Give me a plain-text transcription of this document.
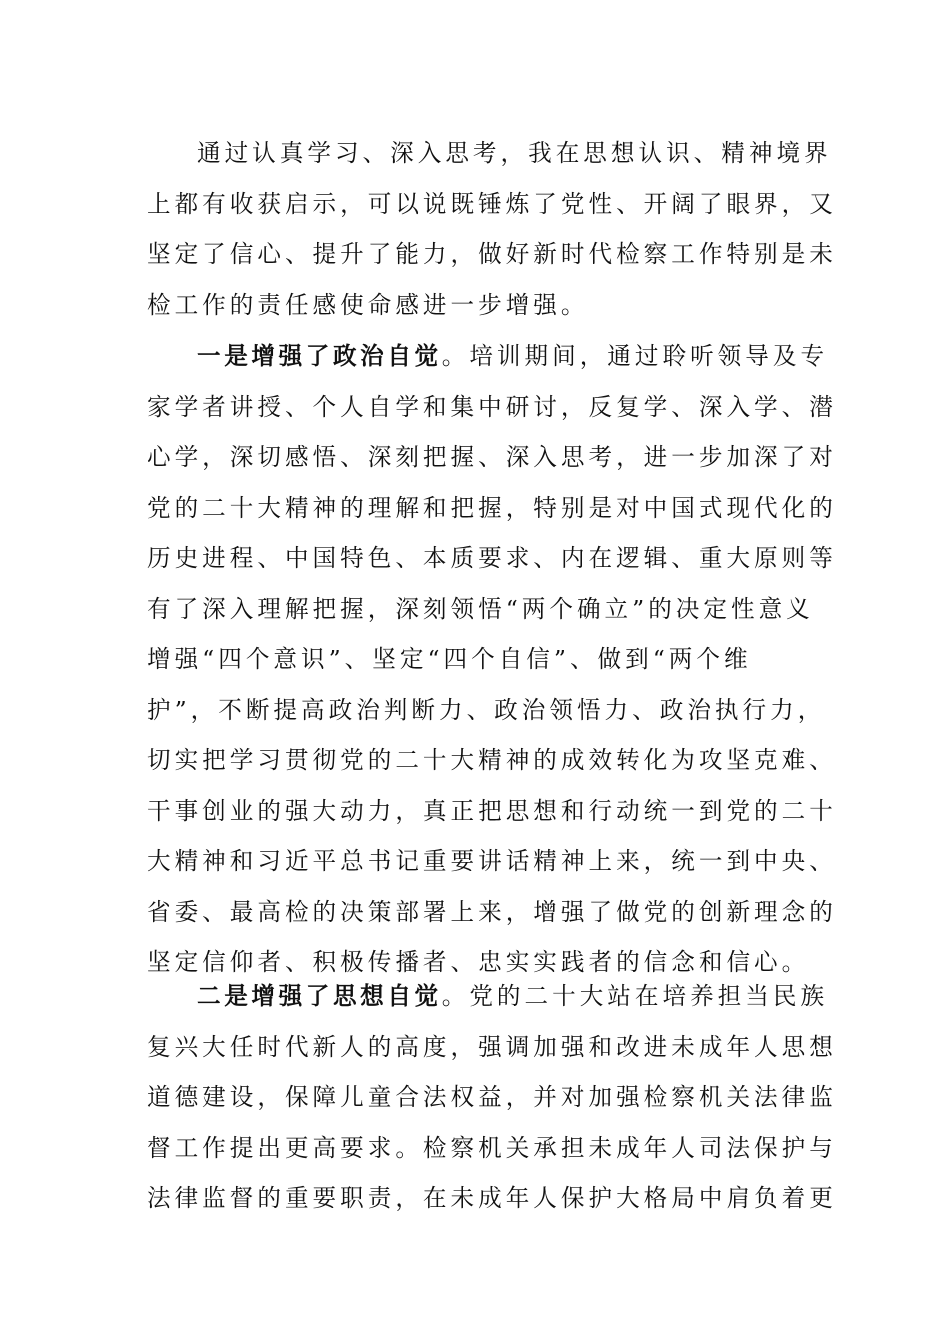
通过认真学习、深入思考，我在思想认识、精神境界
上都有收获启示，可以说既锤炼了党性、开阔了眼界，又
坚定了信心、提升了能力，做好新时代检察工作特别是未
检工作的责任感使命感进一步增强。
一是增强了政治自觉。培训期间，通过聆听领导及专
家学者讲授、个人自学和集中研讨，反复学、深入学、潜
心学，深切感悟、深刻把握、深入思考，进一步加深了对
党的二十大精神的理解和把握，特别是对中国式现代化的
历史进程、中国特色、本质要求、内在逻辑、重大原则等
有了深入理解把握，深刻领悟“两个确立”的决定性意义
增强“四个意识”、坚定“四个自信”、做到“两个维
护”，不断提高政治判断力、政治领悟力、政治执行力，
切实把学习贯彻党的二十大精神的成效转化为攻坚克难、
干事创业的强大动力，真正把思想和行动统一到党的二十
大精神和习近平总书记重要讲话精神上来，统一到中央、
省委、最高检的决策部署上来，增强了做党的创新理念的
坚定信仰者、积极传播者、忠实实践者的信念和信心。
二是增强了思想自觉。党的二十大站在培养担当民族
复兴大任时代新人的高度，强调加强和改进未成年人思想
道德建设，保障儿童合法权益，并对加强检察机关法律监
督工作提出更高要求。检察机关承担未成年人司法保护与
法律监督的重要职责，在未成年人保护大格局中肩负着更
